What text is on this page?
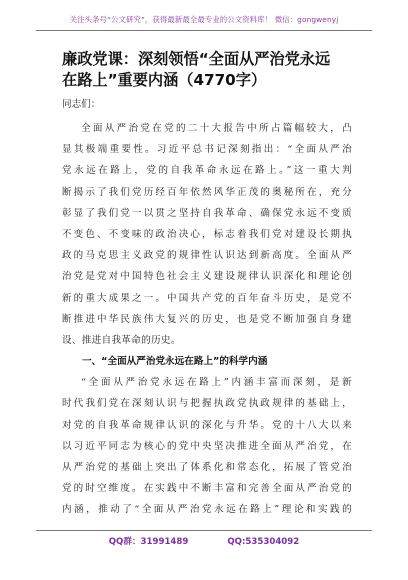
关注头条号“公文研究”，获得最新最全最专业的公文资料库！ 微信：gongwenyj
廉政党课：深刻领悟“全面从严治党永远
在路上”重要内涵（4770字）
同志们：
全面从严治党在党的二十大报告中所占篇幅较大，凸
显其极端重要性。习近平总书记深刻指出：“全面从严治
党永远在路上，党的自我革命永远在路上。”这一重大判
断揭示了我们党历经百年依然风华正茂的奥秘所在，充分
彰显了我们党一以贯之坚持自我革命、确保党永远不变质
不变色、不变味的政治决心，标志着我们党对建设长期执
政的马克思主义政党的规律性认识达到新高度。全面从严
治党是党对中国特色社会主义建设规律认识深化和理论创
新的重大成果之一。中国共产党的百年奋斗历史，是党不
断推进中华民族伟大复兴的历史，也是党不断加强自身建
设、推进自我革命的历史。
一、“全面从严治党永远在路上”的科学内涵
“全面从严治党永远在路上”内涵丰富而深刻，是新
时代我们党在深刻认识与把握执政党执政规律的基础上，
对党的自我革命规律认识的深化与升华。党的十八大以来
以习近平同志为核心的党中央坚决推进全面从严治党，在
从严治党的基础上突出了体系化和常态化，拓展了管党治
党的时空维度。在实践中不断丰富和完善全面从严治党的
内涵，推动了“全面从严治党永远在路上”理论和实践的
QQ群：31991489	QQ:535304092
